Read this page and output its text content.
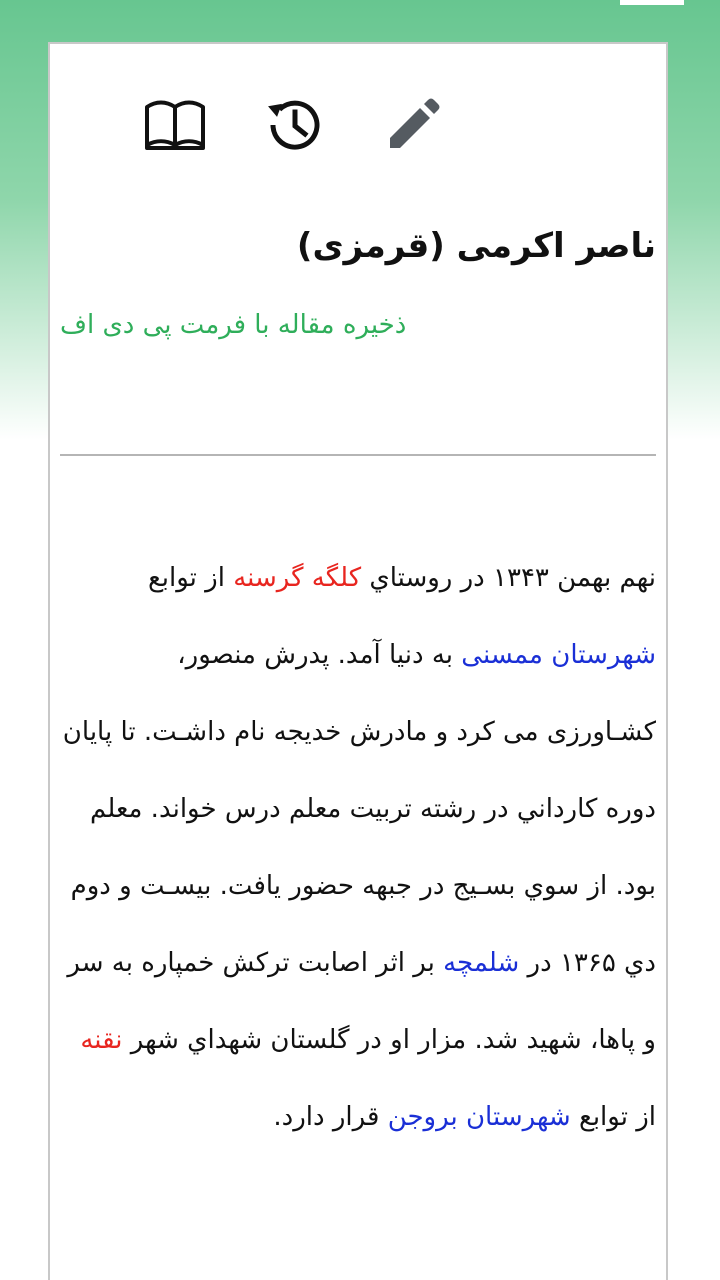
ناصر اکرمی (قرمزی)
ذخیره مقاله با فرمت پی دی اف

نهم بهمن ۱۳۴۳ در روستاي کلگه گرسنه از توابع شهرستان ممسنی به دنیا آمد. پدرش منصور، کشـاورزی می کرد و مادرش خدیجه نام داشـت. تا پایان دوره كارداني در رشته تربيت معلم درس خواند. معلم بود. از سوي بسـيج در جبهه حضور يافت. بیسـت و دوم دي ۱۳۶۵ در شلمچه بر اثر اصابت تركش خمپاره به سر و پاها، شهيد شد. مزار او در گلستان شهداي شهر نقنه از توابع شهرستان بروجن قرار دارد.
